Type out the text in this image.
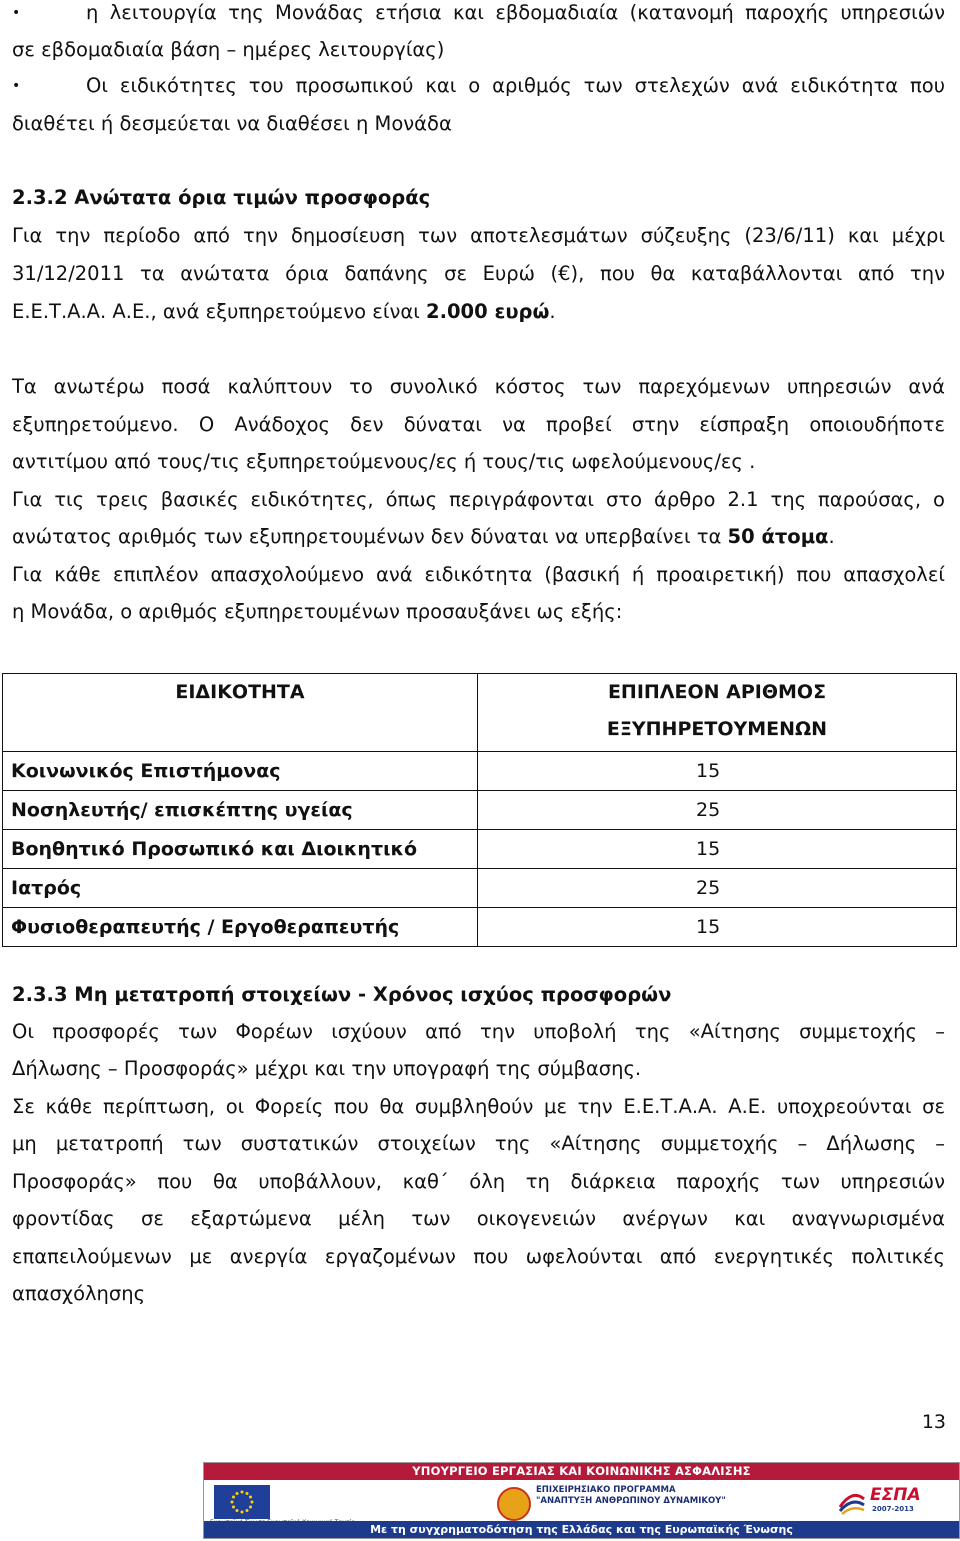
•	η λειτουργία της Μονάδας ετήσια και εβδομαδιαία (κατανομή παροχής υπηρεσιών
σε εβδομαδιαία βάση – ημέρες λειτουργίας)
•	Οι ειδικότητες του προσωπικού και ο αριθμός των στελεχών ανά ειδικότητα που
διαθέτει ή δεσμεύεται να διαθέσει η Μονάδα
2.3.2 Ανώτατα όρια τιμών προσφοράς
Για την περίοδο από την δημοσίευση των αποτελεσμάτων σύζευξης (23/6/11) και μέχρι
31/12/2011 τα ανώτατα όρια δαπάνης σε Ευρώ (€), που θα καταβάλλονται από την
Ε.Ε.Τ.Α.Α. Α.Ε., ανά εξυπηρετούμενο είναι 2.000 ευρώ.
Τα ανωτέρω ποσά καλύπτουν το συνολικό κόστος των παρεχόμενων υπηρεσιών ανά
εξυπηρετούμενο. Ο Ανάδοχος δεν δύναται να προβεί στην είσπραξη οποιουδήποτε
αντιτίμου από τους/τις εξυπηρετούμενους/ες ή τους/τις ωφελούμενους/ες .
Για τις τρεις βασικές ειδικότητες, όπως περιγράφονται στο άρθρο 2.1 της παρούσας, ο
ανώτατος αριθμός των εξυπηρετουμένων δεν δύναται να υπερβαίνει τα 50 άτομα.
Για κάθε επιπλέον απασχολούμενο ανά ειδικότητα (βασική ή προαιρετική) που απασχολεί
η Μονάδα, ο αριθμός εξυπηρετουμένων προσαυξάνει ως εξής:
ΕΙΔΙΚΟΤΗΤΑ	ΕΠΙΠΛΕΟΝ ΑΡΙΘΜΟΣ
ΕΞΥΠΗΡΕΤΟΥΜΕΝΩΝ
Κοινωνικός Επιστήμονας	15
Νοσηλευτής/ επισκέπτης υγείας	25
Βοηθητικό Προσωπικό και Διοικητικό	15
Ιατρός	25
Φυσιοθεραπευτής / Εργοθεραπευτής	15
2.3.3 Μη μετατροπή στοιχείων - Χρόνος ισχύος προσφορών
Οι προσφορές των Φορέων ισχύουν από την υποβολή της «Αίτησης συμμετοχής –
Δήλωσης – Προσφοράς» μέχρι και την υπογραφή της σύμβασης.
Σε κάθε περίπτωση, οι Φορείς που θα συμβληθούν με την Ε.Ε.Τ.Α.Α. Α.Ε. υποχρεούνται σε
μη μετατροπή των συστατικών στοιχείων της «Αίτησης συμμετοχής – Δήλωσης –
Προσφοράς» που θα υποβάλλουν, καθ΄ όλη τη διάρκεια παροχής των υπηρεσιών
φροντίδας σε εξαρτώμενα μέλη των οικογενειών ανέργων και αναγνωρισμένα
επαπειλούμενων με ανεργία εργαζομένων που ωφελούνται από ενεργητικές πολιτικές
απασχόλησης
13
ΥΠΟΥΡΓΕΙΟ ΕΡΓΑΣΙΑΣ ΚΑΙ ΚΟΙΝΩΝΙΚΗΣ ΑΣΦΑΛΙΣΗΣ
ΕΠΙΧΕΙΡΗΣΙΑΚΟ ΠΡΟΓΡΑΜΜΑ
"ΑΝΑΠΤΥΞΗ ΑΝΘΡΩΠΙΝΟΥ ΔΥΝΑΜΙΚΟΥ"	ΕΣΠΑ
2007-2013
Με τη συγχρηματοδότηση της Ελλάδας και της Ευρωπαϊκής Ένωσης
